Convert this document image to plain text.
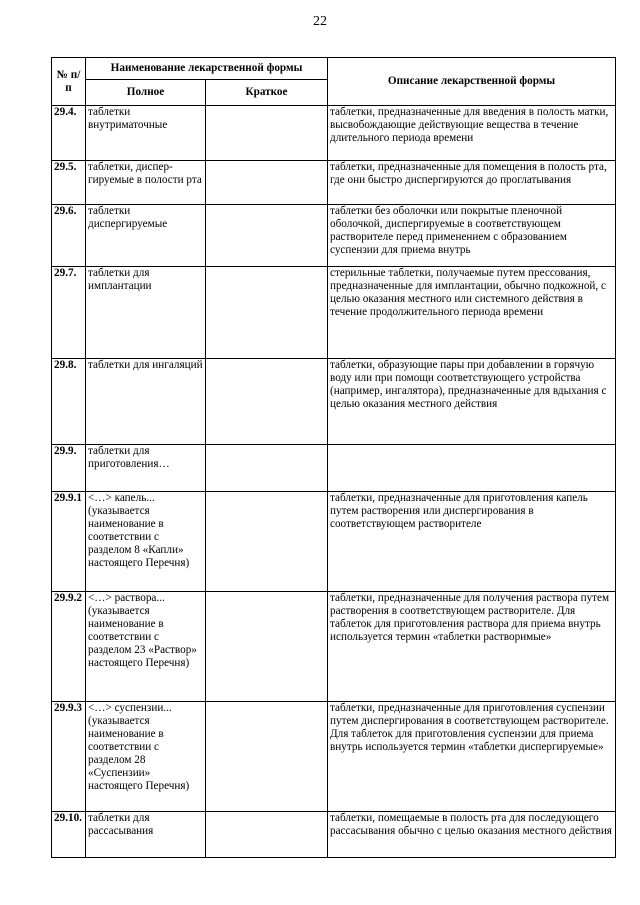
22
№ п/п	Наименование лекарственной формы		Описание лекарственной формы
	Полное	Краткое	
29.4.	таблетки внутриматочные		таблетки, предназначенные для введения в полость матки, высвобождающие действующие вещества в течение длительного периода времени
29.5.	таблетки, диспер-гируемые в полости рта		таблетки, предназначенные для помещения в полость рта, где они быстро диспергируются до проглатывания
29.6.	таблетки диспергируемые		таблетки без оболочки или покрытые пленочной оболочкой, диспергируемые в соответствующем растворителе перед применением с образованием суспензии для приема внутрь
29.7.	таблетки для имплантации		стерильные таблетки, получаемые путем прессования, предназначенные для имплантации, обычно подкожной, с целью оказания местного или системного действия в течение продолжительного периода времени
29.8.	таблетки для ингаляций		таблетки, образующие пары при добавлении в горячую воду или при помощи соответствующего устройства (например, ингалятора), предназначенные для вдыхания с целью оказания местного действия
29.9.	таблетки для приготовления…		
29.9.1	<…> капель... (указывается наименование в соответствии с разделом 8 «Капли» настоящего Перечня)		таблетки, предназначенные для приготовления капель путем растворения или диспергирования в соответствующем растворителе
29.9.2	<…> раствора... (указывается наименование в соответствии с разделом 23 «Раствор» настоящего Перечня)		таблетки, предназначенные для получения раствора путем растворения в соответствующем растворителе. Для таблеток для приготовления раствора для приема внутрь используется термин «таблетки растворимые»
29.9.3	<…> суспензии... (указывается наименование в соответствии с разделом 28 «Суспензии» настоящего Перечня)		таблетки, предназначенные для приготовления суспензии путем диспергирования в соответствующем растворителе. Для таблеток для приготовления суспензии для приема внутрь используется термин «таблетки диспергируемые»
29.10.	таблетки для рассасывания		таблетки, помещаемые в полость рта для последующего рассасывания обычно с целью оказания местного действия
